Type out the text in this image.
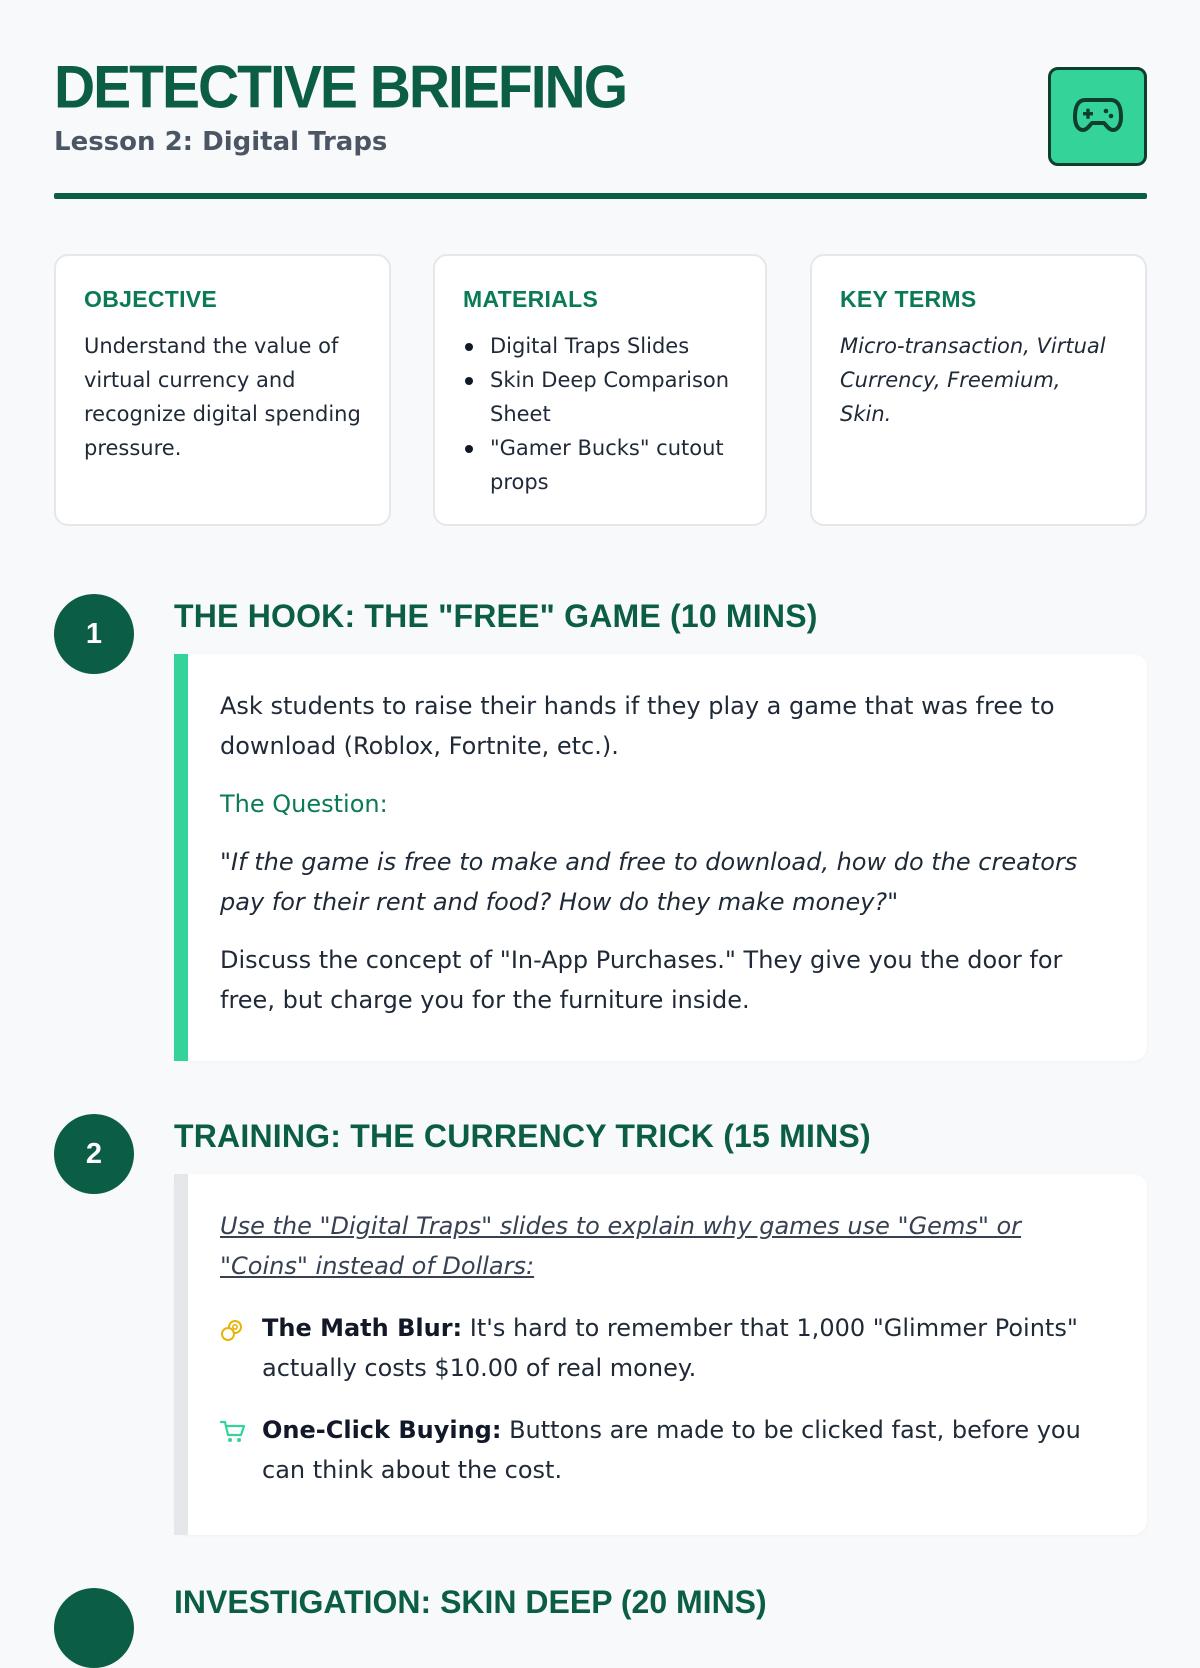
DETECTIVE BRIEFING
Lesson 2: Digital Traps
OBJECTIVE

Understand the value of virtual currency and recognize digital spending pressure.

MATERIALS
Digital Traps Slides
Skin Deep Comparison Sheet
"Gamer Bucks" cutout props
KEY TERMS

Micro-transaction, Virtual Currency, Freemium, Skin.

1	THE HOOK: THE "FREE" GAME (10 MINS)

Ask students to raise their hands if they play a game that was free to download (Roblox, Fortnite, etc.).

The Question:

"If the game is free to make and free to download, how do the creators pay for their rent and food? How do they make money?"

Discuss the concept of "In-App Purchases." They give you the door for free, but charge you for the furniture inside.

2	TRAINING: THE CURRENCY TRICK (15 MINS)

Use the "Digital Traps" slides to explain why games use "Gems" or "Coins" instead of Dollars:

The Math Blur: It's hard to remember that 1,000 "Glimmer Points" actually costs $10.00 of real money.
One-Click Buying: Buttons are made to be clicked fast, before you can think about the cost.
INVESTIGATION: SKIN DEEP (20 MINS)
